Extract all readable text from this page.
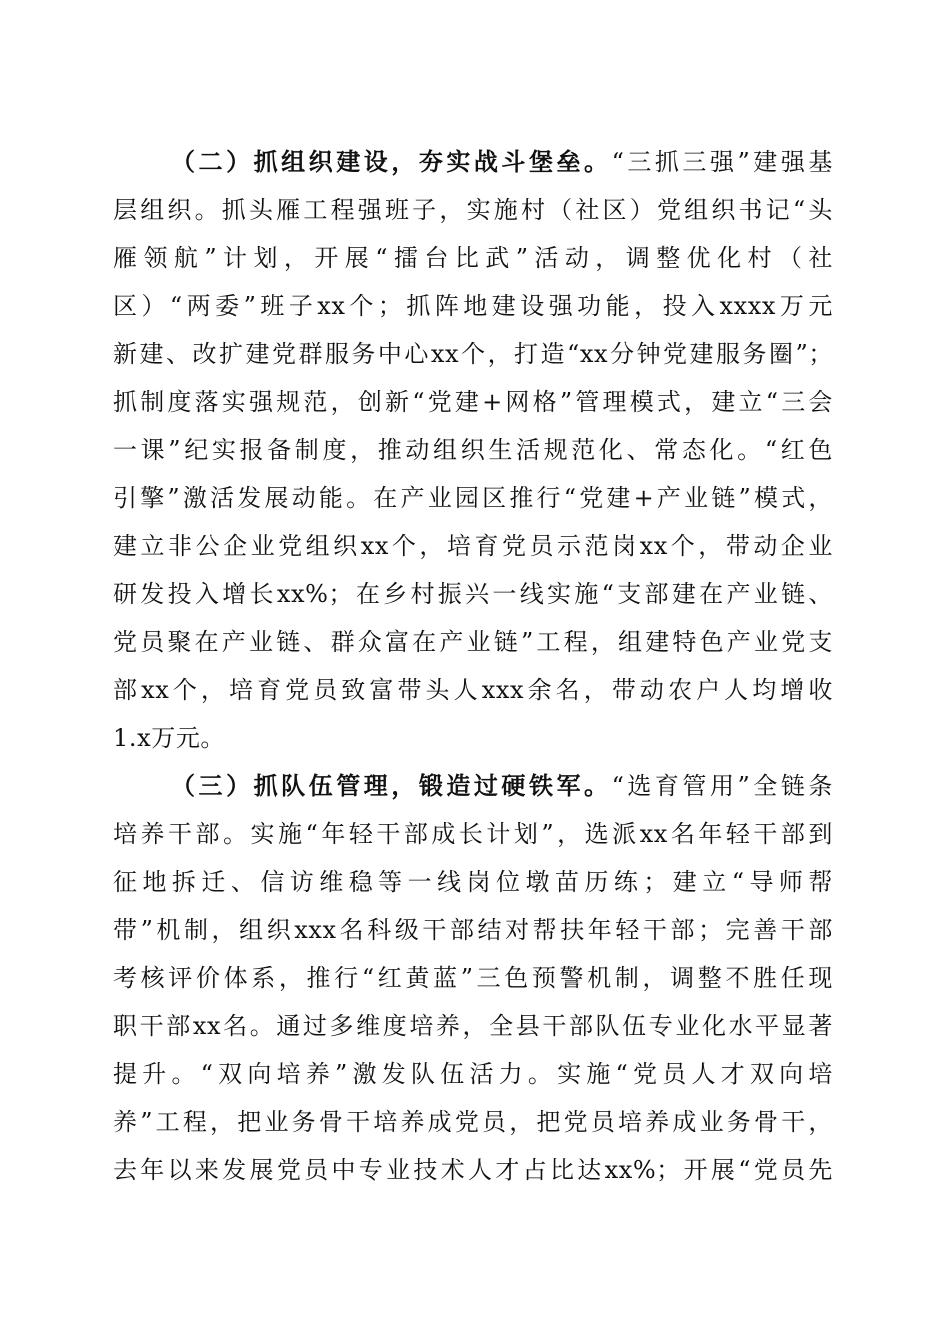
（二）抓组织建设，夯实战斗堡垒。“三抓三强”建强基
层组织。抓头雁工程强班子，实施村（社区）党组织书记“头
雁领航”计划，开展“擂台比武”活动，调整优化村（社
区）“两委”班子xx个；抓阵地建设强功能，投入xxxx万元
新建、改扩建党群服务中心xx个，打造“xx分钟党建服务圈”；
抓制度落实强规范，创新“党建+网格”管理模式，建立“三会
一课”纪实报备制度，推动组织生活规范化、常态化。“红色
引擎”激活发展动能。在产业园区推行“党建+产业链”模式，
建立非公企业党组织xx个，培育党员示范岗xx个，带动企业
研发投入增长xx%；在乡村振兴一线实施“支部建在产业链、
党员聚在产业链、群众富在产业链”工程，组建特色产业党支
部xx个，培育党员致富带头人xxx余名，带动农户人均增收
1.x万元。
（三）抓队伍管理，锻造过硬铁军。“选育管用”全链条
培养干部。实施“年轻干部成长计划”，选派xx名年轻干部到
征地拆迁、信访维稳等一线岗位墩苗历练；建立“导师帮
带”机制，组织xxx名科级干部结对帮扶年轻干部；完善干部
考核评价体系，推行“红黄蓝”三色预警机制，调整不胜任现
职干部xx名。通过多维度培养，全县干部队伍专业化水平显著
提升。“双向培养”激发队伍活力。实施“党员人才双向培
养”工程，把业务骨干培养成党员，把党员培养成业务骨干，
去年以来发展党员中专业技术人才占比达xx%；开展“党员先
